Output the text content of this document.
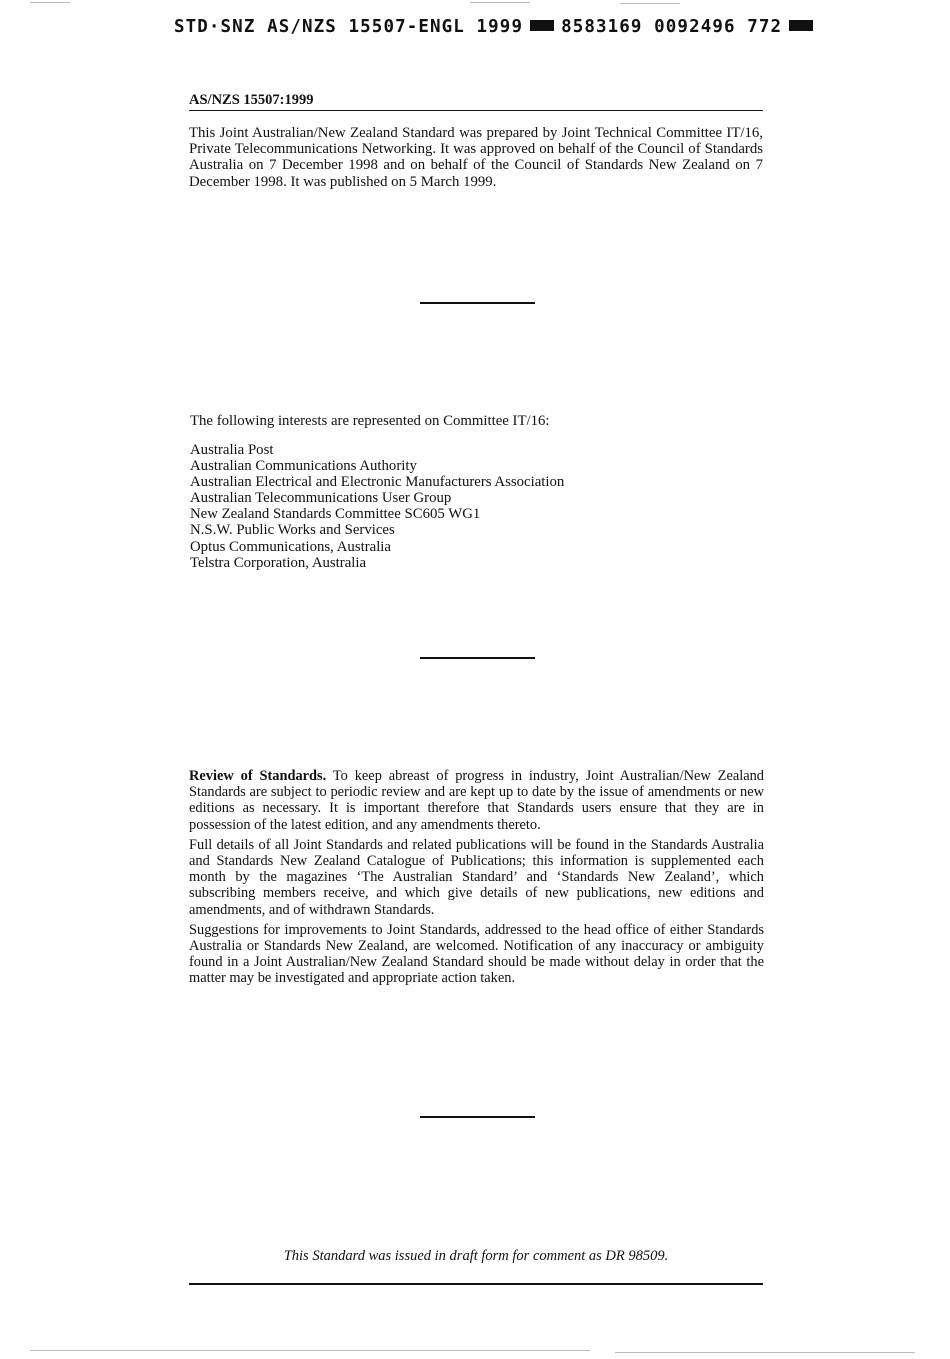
STD·SNZ AS/NZS 15507-ENGL 1999 8583169 0092496 772
AS/NZS 15507:1999

This Joint Australian/New Zealand Standard was prepared by Joint Technical Committee IT/16, Private Telecommunications Networking. It was approved on behalf of the Council of Standards Australia on 7 December 1998 and on behalf of the Council of Standards New Zealand on 7 December 1998. It was published on 5 March 1999.

The following interests are represented on Committee IT/16:
Australia Post
Australian Communications Authority
Australian Electrical and Electronic Manufacturers Association
Australian Telecommunications User Group
New Zealand Standards Committee SC605 WG1
N.S.W. Public Works and Services
Optus Communications, Australia
Telstra Corporation, Australia

Review of Standards. To keep abreast of progress in industry, Joint Australian/New Zealand Standards are subject to periodic review and are kept up to date by the issue of amendments or new editions as necessary. It is important therefore that Standards users ensure that they are in possession of the latest edition, and any amendments thereto.

Full details of all Joint Standards and related publications will be found in the Standards Australia and Standards New Zealand Catalogue of Publications; this information is supplemented each month by the magazines ‘The Australian Standard’ and ‘Standards New Zealand’, which subscribing members receive, and which give details of new publications, new editions and amendments, and of withdrawn Standards.

Suggestions for improvements to Joint Standards, addressed to the head office of either Standards Australia or Standards New Zealand, are welcomed. Notification of any inaccuracy or ambiguity found in a Joint Australian/New Zealand Standard should be made without delay in order that the matter may be investigated and appropriate action taken.

This Standard was issued in draft form for comment as DR 98509.
